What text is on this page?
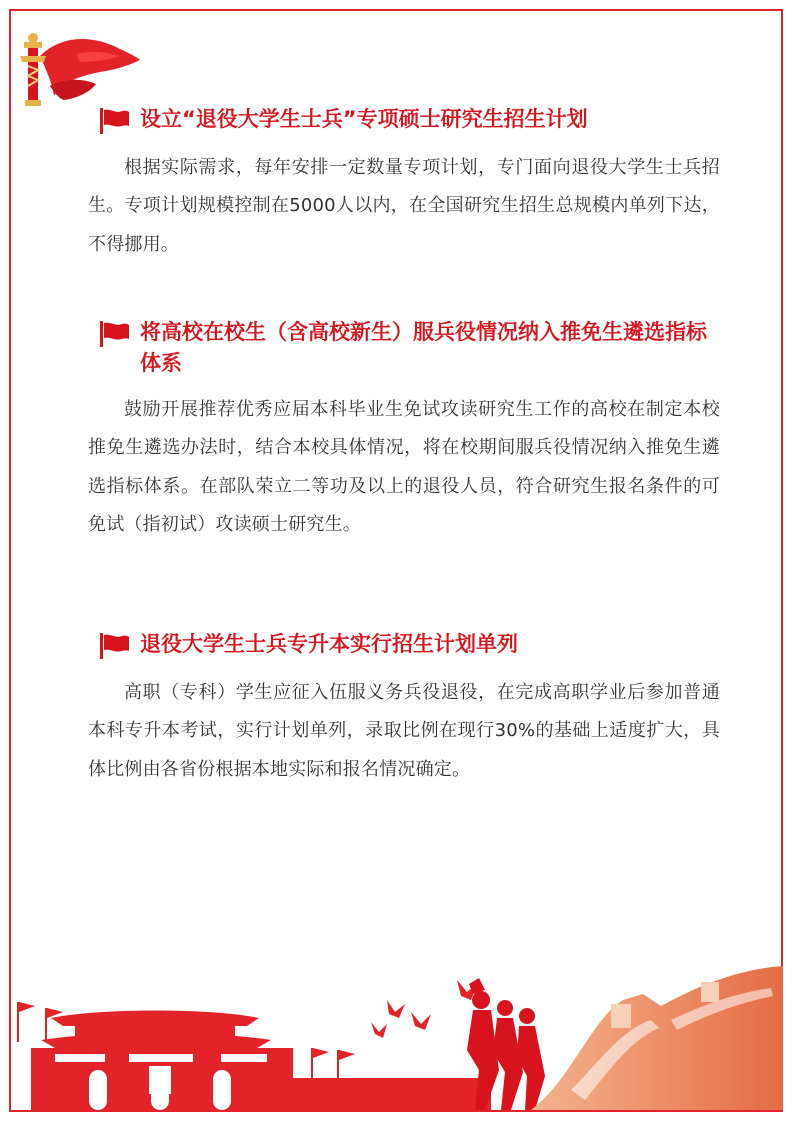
设立“退役大学生士兵”专项硕士研究生招生计划

根据实际需求，每年安排一定数量专项计划，专门面向退役大学生士兵招生。专项计划规模控制在5000人以内，在全国研究生招生总规模内单列下达，不得挪用。

将高校在校生（含高校新生）服兵役情况纳入推免生遴选指标体系

鼓励开展推荐优秀应届本科毕业生免试攻读研究生工作的高校在制定本校推免生遴选办法时，结合本校具体情况，将在校期间服兵役情况纳入推免生遴选指标体系。在部队荣立二等功及以上的退役人员，符合研究生报名条件的可免试（指初试）攻读硕士研究生。

退役大学生士兵专升本实行招生计划单列

高职（专科）学生应征入伍服义务兵役退役，在完成高职学业后参加普通本科专升本考试，实行计划单列，录取比例在现行30%的基础上适度扩大，具体比例由各省份根据本地实际和报名情况确定。
